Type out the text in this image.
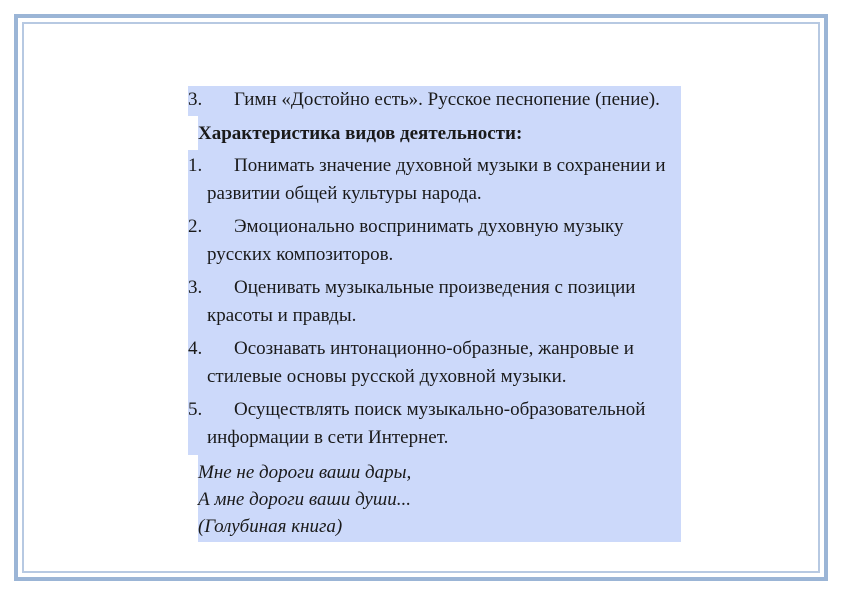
3. Гимн «Достойно есть». Русское песнопение (пение).
Характеристика видов деятельности:
1. Понимать значение духовной музыки в сохранении и развитии общей культуры народа.
2. Эмоционально воспринимать духовную музыку русских композиторов.
3. Оценивать музыкальные произведения с позиции красоты и правды.
4. Осознавать интонационно-образные, жанровые и стилевые основы русской духовной музыки.
5. Осуществлять поиск музыкально-образовательной информации в сети Интернет.
Мне не дороги ваши дары,
А мне дороги ваши души...
(Голубиная книга)
